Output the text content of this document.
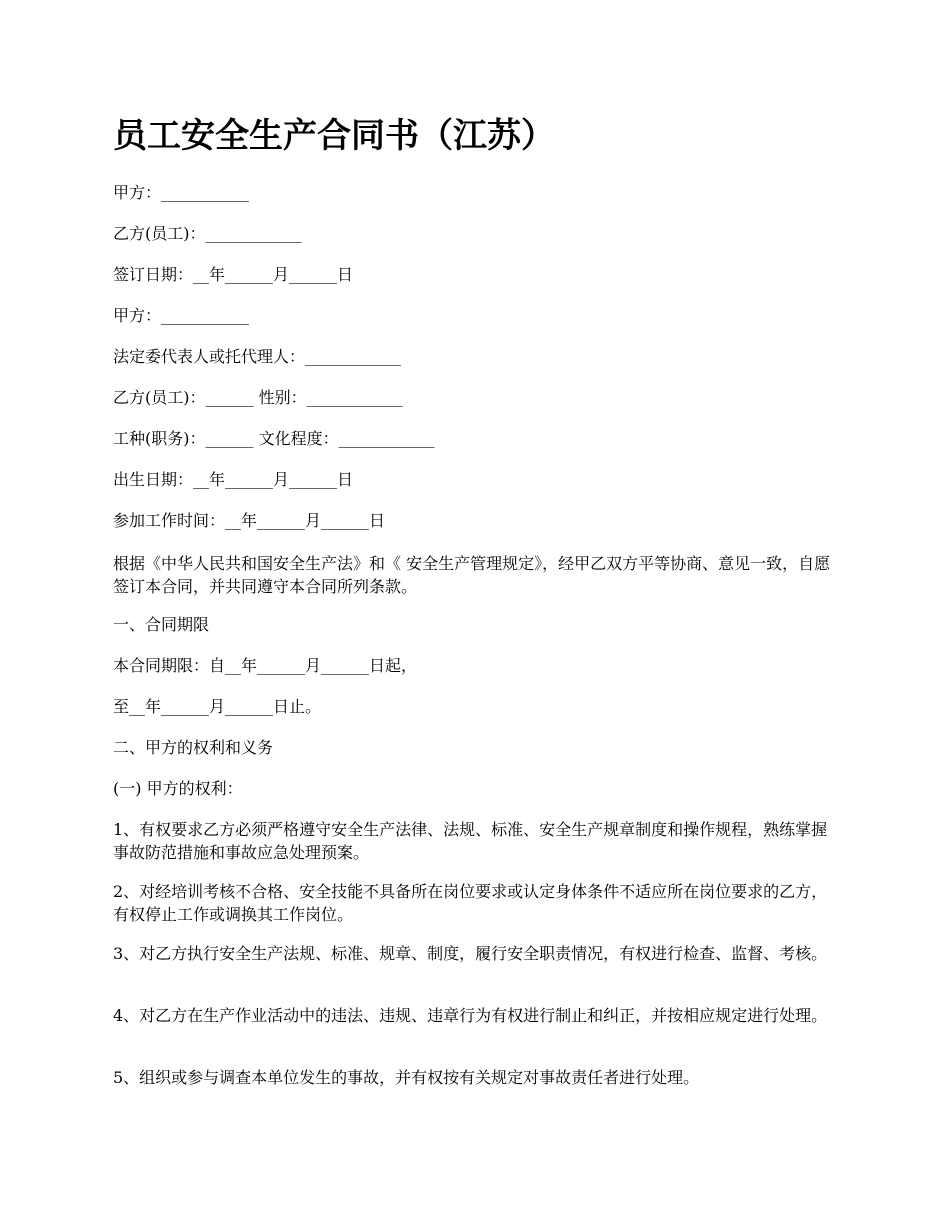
员工安全生产合同书（江苏）

甲方：___________

乙方(员工)：____________

签订日期：__年______月______日

甲方：___________

法定委代表人或托代理人：____________

乙方(员工)：______ 性别：____________

工种(职务)：______ 文化程度：____________

出生日期：__年______月______日

参加工作时间：__年______月______日

根据《中华人民共和国安全生产法》和《 安全生产管理规定》，经甲乙双方平等协商、意见一致，自愿签订本合同，并共同遵守本合同所列条款。

一、合同期限

本合同期限：自__年______月______日起，

至__年______月______日止。

二、甲方的权利和义务

(一) 甲方的权利：

1、有权要求乙方必须严格遵守安全生产法律、法规、标准、安全生产规章制度和操作规程，熟练掌握事故防范措施和事故应急处理预案。

2、对经培训考核不合格、安全技能不具备所在岗位要求或认定身体条件不适应所在岗位要求的乙方，有权停止工作或调换其工作岗位。

3、对乙方执行安全生产法规、标准、规章、制度，履行安全职责情况，有权进行检查、监督、考核。

4、对乙方在生产作业活动中的违法、违规、违章行为有权进行制止和纠正，并按相应规定进行处理。

5、组织或参与调查本单位发生的事故，并有权按有关规定对事故责任者进行处理。
